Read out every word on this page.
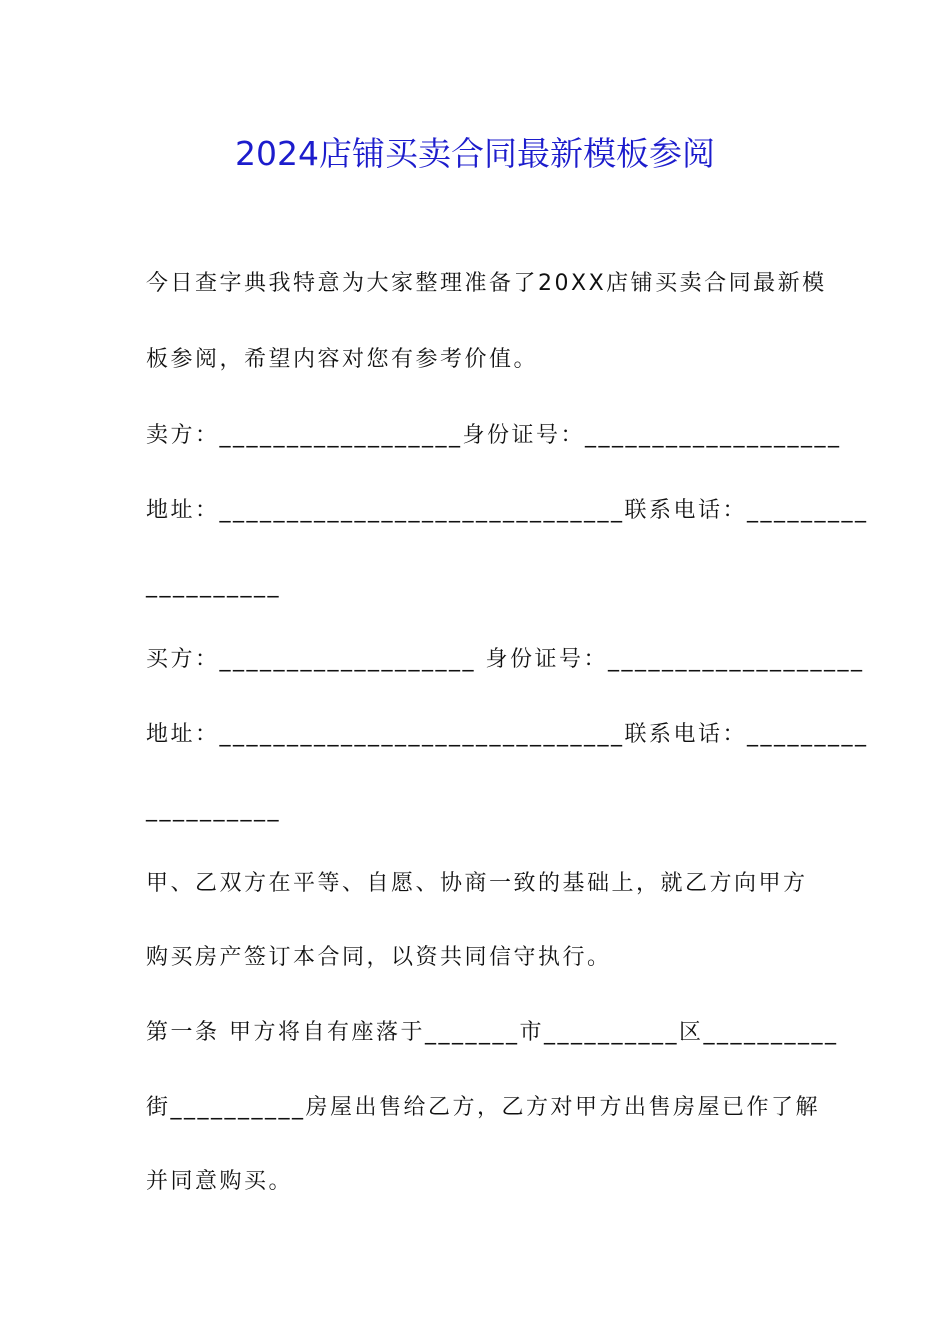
2024店铺买卖合同最新模板参阅
今日查字典我特意为大家整理准备了20XX店铺买卖合同最新模
板参阅，希望内容对您有参考价值。
卖方：__________________身份证号：___________________
地址：______________________________联系电话：_________
__________
买方：___________________ 身份证号：___________________
地址：______________________________联系电话：_________
__________
甲、乙双方在平等、自愿、协商一致的基础上，就乙方向甲方
购买房产签订本合同，以资共同信守执行。
第一条 甲方将自有座落于_______市__________区__________
街__________房屋出售给乙方，乙方对甲方出售房屋已作了解
并同意购买。
